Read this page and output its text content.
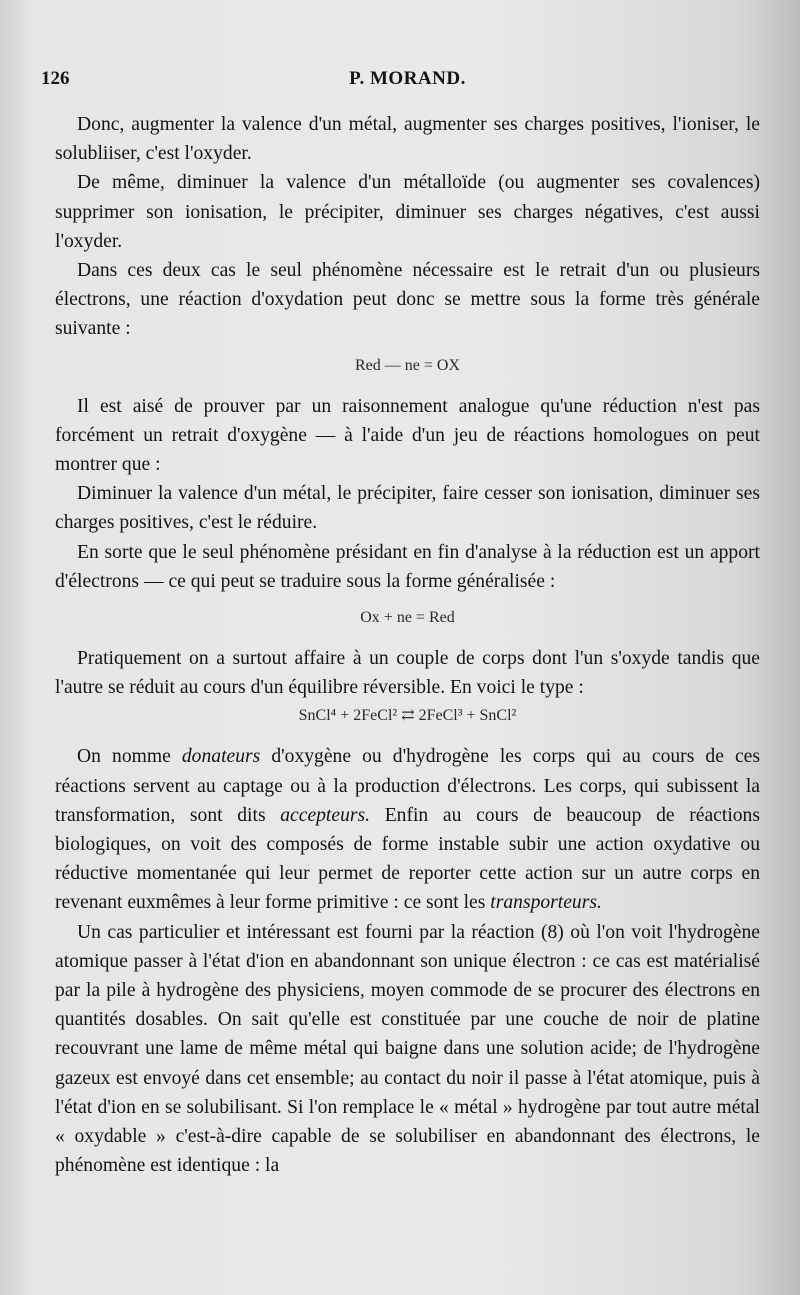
126	P. MORAND.

Donc, augmenter la valence d'un métal, augmenter ses charges positives, l'ioniser, le solubliiser, c'est l'oxyder.

De même, diminuer la valence d'un métalloïde (ou augmenter ses covalences) supprimer son ionisation, le précipiter, diminuer ses charges négatives, c'est aussi l'oxyder.

Dans ces deux cas le seul phénomène nécessaire est le retrait d'un ou plusieurs électrons, une réaction d'oxydation peut donc se mettre sous la forme très générale suivante :

Red — ne = OX

Il est aisé de prouver par un raisonnement analogue qu'une réduction n'est pas forcément un retrait d'oxygène — à l'aide d'un jeu de réactions homologues on peut montrer que :

Diminuer la valence d'un métal, le précipiter, faire cesser son ionisation, diminuer ses charges positives, c'est le réduire.

En sorte que le seul phénomène présidant en fin d'analyse à la réduction est un apport d'électrons — ce qui peut se traduire sous la forme généralisée :

Ox + ne = Red

Pratiquement on a surtout affaire à un couple de corps dont l'un s'oxyde tandis que l'autre se réduit au cours d'un équilibre réversible. En voici le type :

SnCl⁴ + 2FeCl² ⇄ 2FeCl³ + SnCl²

On nomme donateurs d'oxygène ou d'hydrogène les corps qui au cours de ces réactions servent au captage ou à la production d'électrons. Les corps, qui subissent la transformation, sont dits accepteurs. Enfin au cours de beaucoup de réactions biologiques, on voit des composés de forme instable subir une action oxydative ou réductive momentanée qui leur permet de reporter cette action sur un autre corps en revenant euxmêmes à leur forme primitive : ce sont les transporteurs.

Un cas particulier et intéressant est fourni par la réaction (8) où l'on voit l'hydrogène atomique passer à l'état d'ion en abandonnant son unique électron : ce cas est matérialisé par la pile à hydrogène des physiciens, moyen commode de se procurer des électrons en quantités dosables. On sait qu'elle est constituée par une couche de noir de platine recouvrant une lame de même métal qui baigne dans une solution acide; de l'hydrogène gazeux est envoyé dans cet ensemble; au contact du noir il passe à l'état atomique, puis à l'état d'ion en se solubilisant. Si l'on remplace le « métal » hydrogène par tout autre métal « oxydable » c'est-à-dire capable de se solubiliser en abandonnant des électrons, le phénomène est identique : la
